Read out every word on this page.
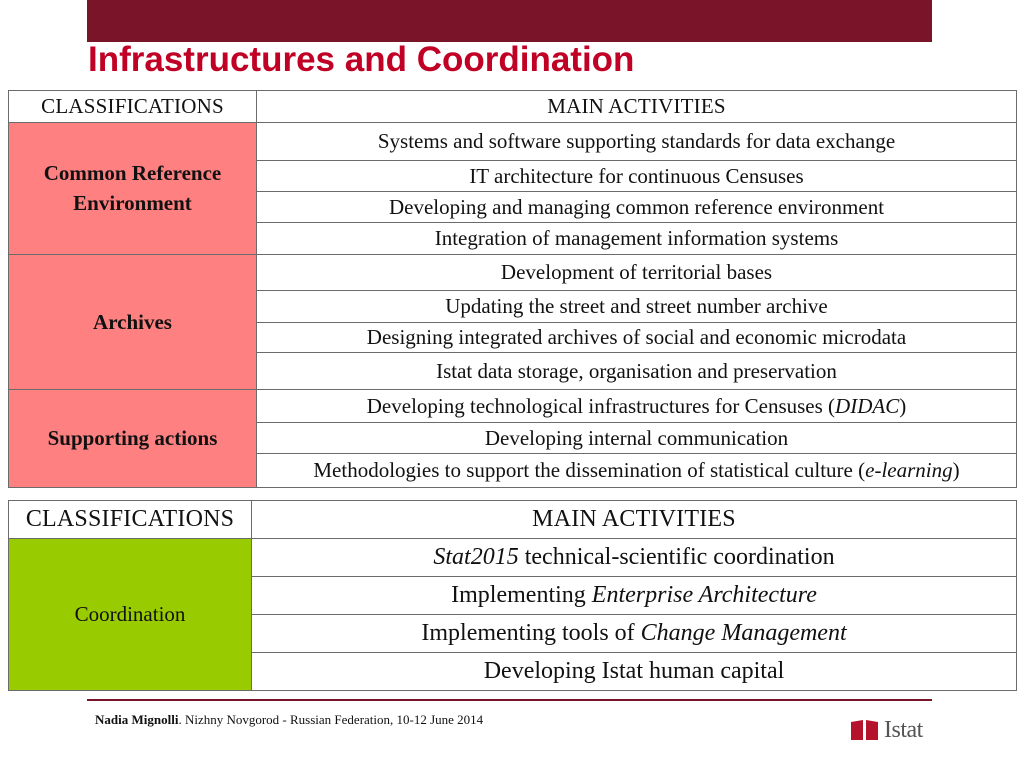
Infrastructures and Coordination
CLASSIFICATIONS	MAIN ACTIVITIES

Common Reference Environment	Systems and software supporting standards for data exchange
	IT architecture for continuous Censuses
	Developing and managing common reference environment
	Integration of management information systems
Archives	Development of territorial bases
	Updating the street and street number archive
	Designing integrated archives of social and economic microdata
	Istat data storage, organisation and preservation
Supporting actions	Developing technological infrastructures for Censuses (DIDAC)
	Developing internal communication
	Methodologies to support the dissemination of statistical culture (e-learning)
CLASSIFICATIONS	MAIN ACTIVITIES
Coordination	Stat2015 technical-scientific coordination
	Implementing Enterprise Architecture
	Implementing tools of Change Management
	Developing Istat human capital
Nadia Mignolli. Nizhny Novgorod - Russian Federation, 10-12 June 2014	Istat
